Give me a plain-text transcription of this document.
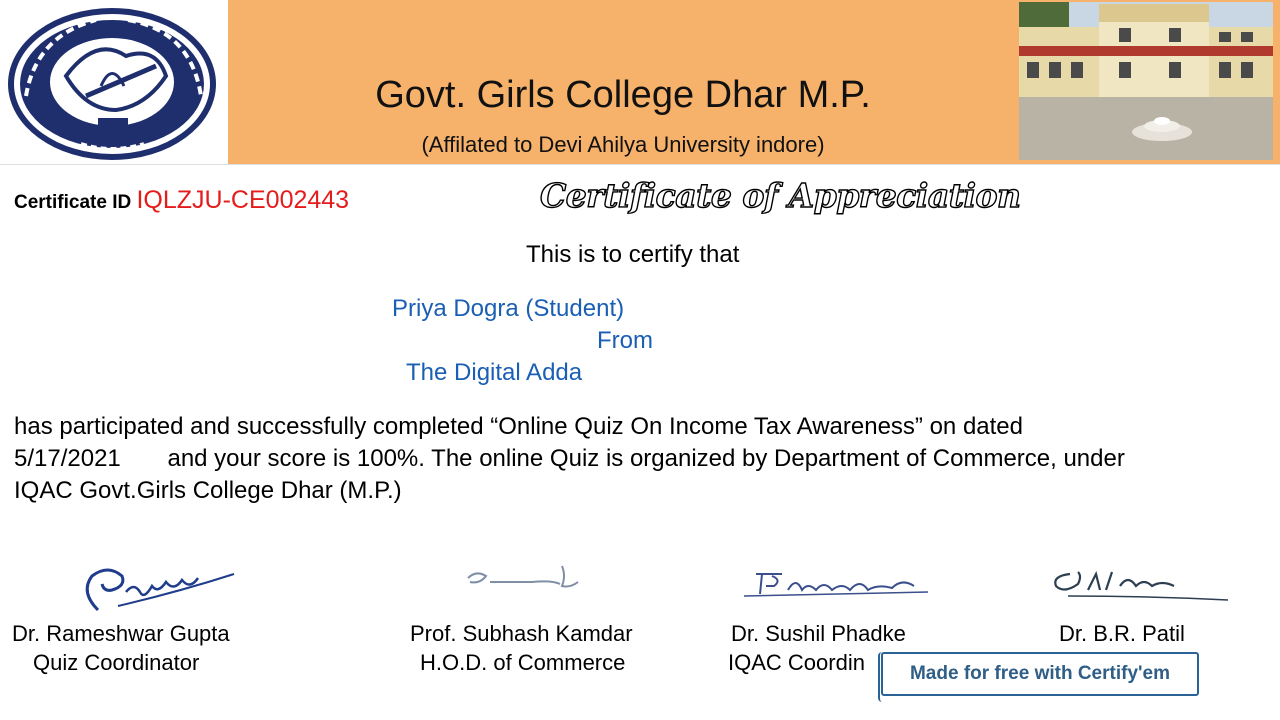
Govt. Girls College Dhar M.P.
(Affilated to Devi Ahilya University indore)
Certificate ID IQLZJU-CE002443	Certificate of Appreciation
This is to certify that
Priya Dogra (Student)
From
The Digital Adda
has participated and successfully completed “Online Quiz On Income Tax Awareness” on dated
5/17/2021 and your score is 100%. The online Quiz is organized by Department of Commerce, under
IQAC Govt.Girls College Dhar (M.P.)
Dr. Rameshwar Gupta
Quiz Coordinator
Prof. Subhash Kamdar
H.O.D. of Commerce
Dr. Sushil Phadke
IQAC Coordin
Dr. B.R. Patil
Made for free with Certify'em
